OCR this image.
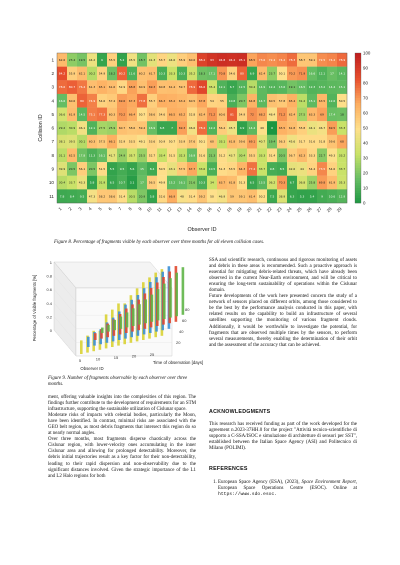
62.6 23.4 19.5 44.2 6 55.5 5.2 45.5 18.7 41.3 53.7 44.6 55.9 60.6 88.2 93 94.8 94.2 95.1 68.5 73.6 72.4 74.2 78.3 58.7 59.1 72.5 74.2 78.9
84.2 55.9 62.1 30.2 54.9 18.2 80.2 11.6 60.2 61.7 10.3 33.3 10.3 35.2 18.3 17.1 70.8 54.6 80 6.9 62.4 23.7 50.1 70.2 71.9 16.6 12.1 17 14.1
78.6 80.7 76.4 61.3 65.1 61.6 52.9 68.8 60.9 69.3 60.8 61.4 59.7 78.9 86.6 35.4 12.1 6.7 12.5 30.4 14.9 12.4 13.6 19.1 16.5 12.3 13.2 14.4 15.1
16.6 60.6 80 74.9 54.6 57.4 69.6 67.3 77.8 55.7 66.3 65.2 63.4 60.5 67.8 54 55 10.8 20.7 64.8 14.7 60.5 57.8 65.4 31.2 15.1 63.5 12.6 50.5
36.6 61.9 14.5 75.1 77.3 60.3 70.2 66.4 50.7 58.6 54.6 66.5 65.2 52.8 62.4 71.2 60.6 81 54.9 72 68.2 48.4 71.2 62.4 27.5 63.3 69 17.4 18
29.2 30.9 46.1 12.1 27.5 25.9 60.7 58.6 59.4 16.9 6.8 7 69.3 46.6 78.4 12.2 56.4 45.7 4.9 14.4 49 0 65.5 61.8 55.8 44.1 46.7 69.5 33.3
38.1 39.5 30.1 60.3 57.5 66.1 52.9 53.5 49.1 53.6 50.9 50.7 53.9 57.6 50.1 60 33.1 61.8 59.6 69.1 40.7 19.4 56.3 45.6 51.7 51.6 51.8 59.6 68
31.1 62.5 17.8 11.3 16.1 41.7 24.9 35.7 25.5 52.7 33.4 51.5 32.3 16.9 51.6 21.3 51.2 43.7 30.4 55.5 33.3 51.4 20.5 56.7 62.3 53.3 22.7 49.3 33.2
39.9 20.5 56.1 20.5 51.5 5.5 9.5 5.6 15 8.4 50.5 43.1 57.5 67.7 33.6 10.5 51.3 53.5 64.3 77.4 33.7 9.8 8.5 42.6 44 54.4 73.5 54.6 33.7
30.4 33.7 43.3 5.8 31.9 6.5 10.7 3.1 17 56.5 49.9 15.2 16.1 21.6 10.3 34 63.7 61.8 51.3 6.5 13.5 36.2 70.3 6.7 36.8 25.8 69.8 61.9 35.3
7.8 8.4 9.5 47.3 58.2 58.6 51.4 30.5 20.9 5.8 52.6 66.9 48 51.4 59.2 50 46.9 59 59.1 61.4 50.2 7.5 38.9 6.3 5.3 5.4 9 10.6 12.9
1
2
3
4
5
6
7
8
9
10
11
1 2 3 4 5 6 7 8 9 10 11 12 13 14 15 16 17 18 19 20 21 22 23 24 25 26 27 28 29
Collision ID
Observer ID
0
10
20
30
40
50
60
70
80
90
100
Figure 8. Percentage of fragments visible by each observer over three months for all eleven collision cases.
1
0.8
0.6
0.4
0.2
0
5	10	15	20	25
20
40
60
80
Percentage of Visible fragments [%]
Observer ID
Time of observation [days]
Figure 9. Number of fragments observable by each observer over three months.

ment, offering valuable insights into the complexities of this region. The findings further contribute to the development of requirements for an STM infrastructure, supporting the sustainable utilization of Cislunar space.

Moderate risks of impacts with celestial bodies, particularly the Moon, have been identified. In contrast, minimal risks are associated with the GEO belt region, as most debris fragments that intersect this region do so at nearly normal angles.

Over three months, most fragments disperse chaotically across the Cislunar region, with lower-velocity ones accumulating in the inner Cislunar area and allowing for prolonged detectability. Moreover, the debris initial trajectories result as a key factor for their non-detectability, leading to their rapid dispersion and non-observability due to the significant distances involved. Given the strategic importance of the L1 and L2 Halo regions for both

SSA and scientific research, continuous and rigorous monitoring of assets and debris in these areas is recommended. Such a proactive approach is essential for mitigating debris-related threats, which have already been observed in the current Near-Earth environment, and will be critical to ensuring the long-term sustainability of operations within the Cislunar domain.

Future developments of the work here presented concern the study of a network of sensors placed on different orbits, among those considered to be the best by the performance analysis conducted in this paper, with related results on the capability to build an infrastructure of several satellites supporting the monitoring of various fragment clouds. Additionally, it would be worthwhile to investigate the potential, for fragments that are observed multiple times by the sensors, to perform several measurements, thereby enabling the determination of their orbit and the assessment of the accuracy that can be achieved.

ACKNOWLEDGMENTS
This research has received funding as part of the work developed for the agreement n.2023-37HH.0 for the project "Attività tecnico-scientifiche di supporto a C-SSA/ISOC e simulazione di architetture di sensori per SST", established between the Italian Space Agency (ASI) and Politecnico di Milano (POLIMI).
REFERENCES
1. European Space Agency (ESA), (2023), Space Environment Report, European Space Operations Centre (ESOC). Online at https://www.sdo.esoc.
